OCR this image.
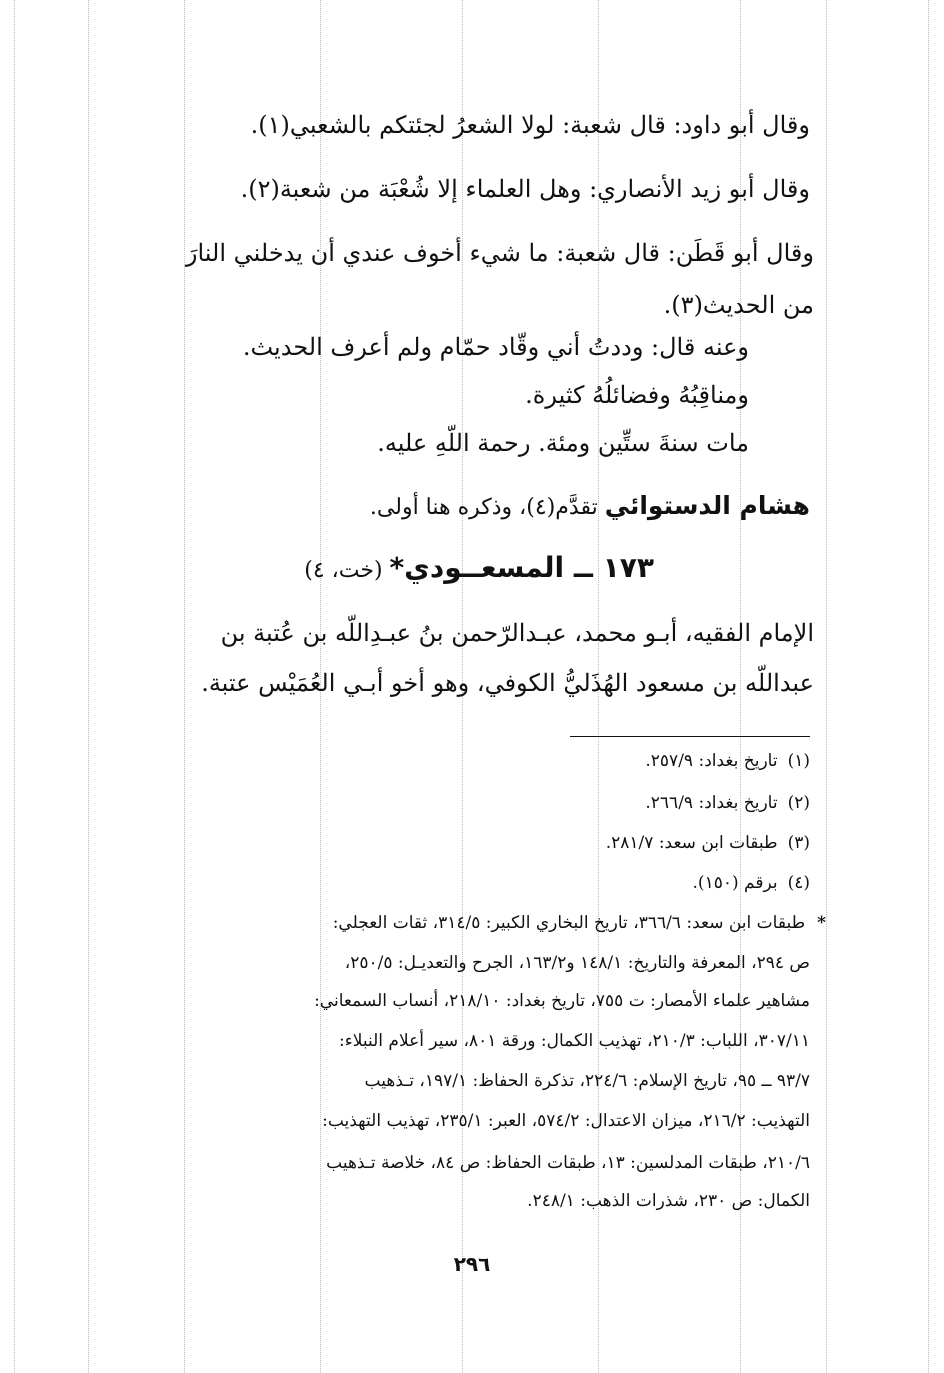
وقال أبو داود: قال شعبة: لولا الشعرُ لجئتكم بالشعبي(١).
وقال أبو زيد الأنصاري: وهل العلماء إلا شُعْبَة من شعبة(٢).
وقال أبو قَطَن: قال شعبة: ما شيء أخوف عندي أن يدخلني النارَ
من الحديث(٣).
وعنه قال: وددتُ أني وقّاد حمّام ولم أعرف الحديث.
ومناقِبُهُ وفضائلُهُ كثيرة.
مات سنةَ ستِّين ومئة. رحمة اللّهِ عليه.
هشام الدستوائي تقدَّم(٤)، وذكره هنا أولى.
١٧٣ ــ المسعــودي* (خت، ٤)
الإمام الفقيه، أبـو محمد، عبـدالرّحمن بنُ عبـدِاللّه بن عُتبة بن
عبداللّه بن مسعود الهُذَليُّ الكوفي، وهو أخو أبـي العُمَيْس عتبة.
(١)تاريخ بغداد: ٢٥٧/٩.
(٢)تاريخ بغداد: ٢٦٦/٩.
(٣)طبقات ابن سعد: ٢٨١/٧.
(٤)برقم (١٥٠).
*طبقات ابن سعد: ٣٦٦/٦، تاريخ البخاري الكبير: ٣١٤/٥، ثقات العجلي:
ص ٢٩٤، المعرفة والتاريخ: ١٤٨/١ و١٦٣/٢، الجرح والتعديـل: ٢٥٠/٥،
مشاهير علماء الأمصار: ت ٧٥٥، تاريخ بغداد: ٢١٨/١٠، أنساب السمعاني:
٣٠٧/١١، اللباب: ٢١٠/٣، تهذيب الكمال: ورقة ٨٠١، سير أعلام النبلاء:
٩٣/٧ ــ ٩٥، تاريخ الإسلام: ٢٢٤/٦، تذكرة الحفاظ: ١٩٧/١، تـذهيب
التهذيب: ٢١٦/٢، ميزان الاعتدال: ٥٧٤/٢، العبر: ٢٣٥/١، تهذيب التهذيب:
٢١٠/٦، طبقات المدلسين: ١٣، طبقات الحفاظ: ص ٨٤، خلاصة تـذهيب
الكمال: ص ٢٣٠، شذرات الذهب: ٢٤٨/١.
٢٩٦
